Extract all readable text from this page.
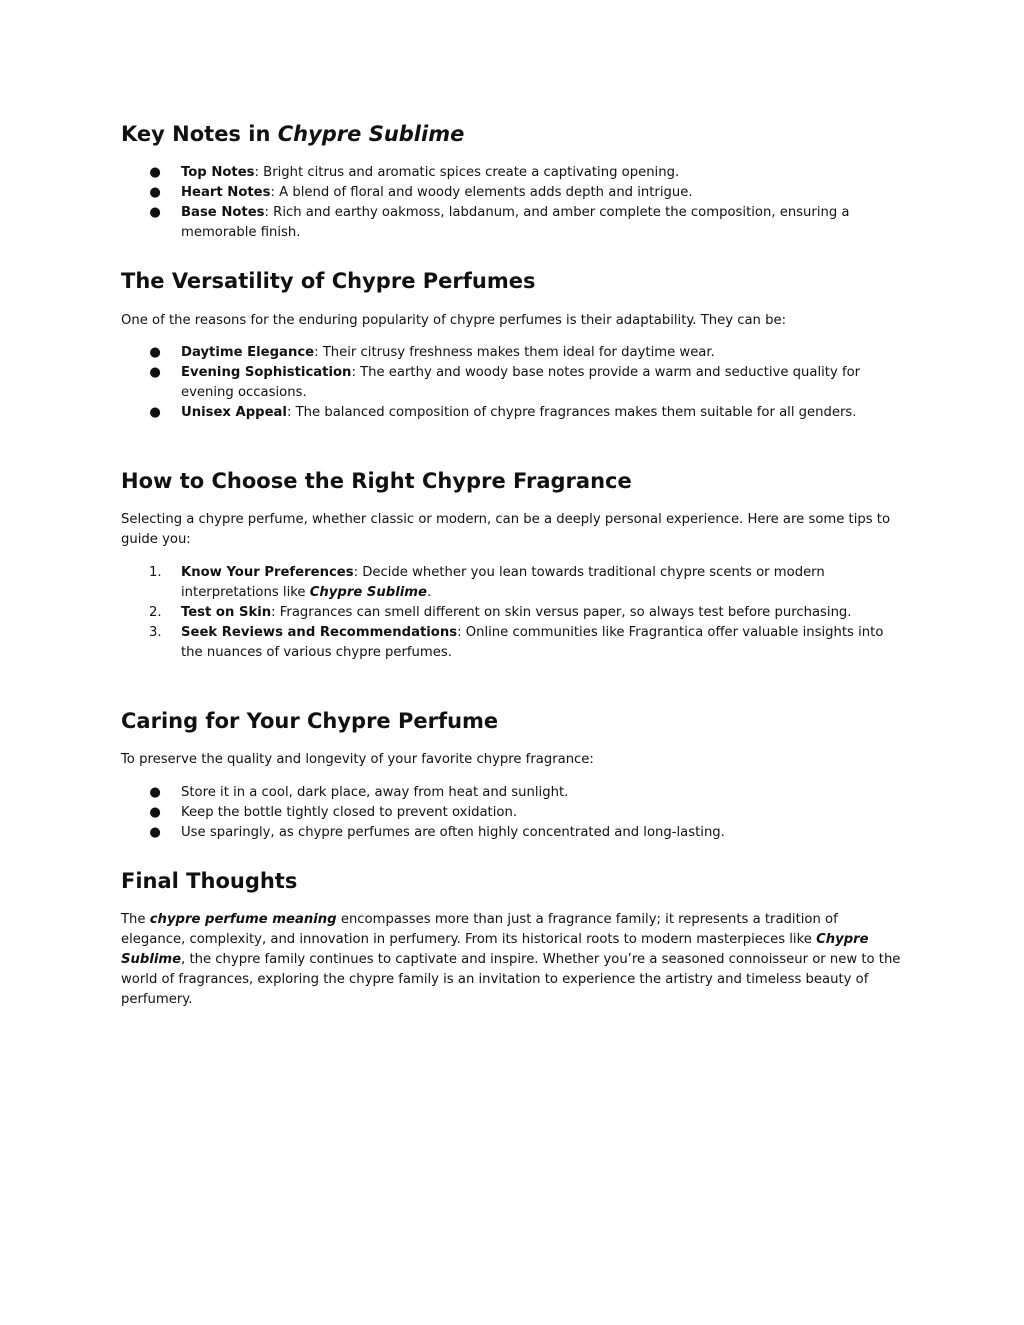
Key Notes in Chypre Sublime
●	Top Notes: Bright citrus and aromatic spices create a captivating opening.
●	Heart Notes: A blend of floral and woody elements adds depth and intrigue.
●	Base Notes: Rich and earthy oakmoss, labdanum, and amber complete the composition, ensuring a memorable finish.
The Versatility of Chypre Perfumes

One of the reasons for the enduring popularity of chypre perfumes is their adaptability. They can be:

●	Daytime Elegance: Their citrusy freshness makes them ideal for daytime wear.
●	Evening Sophistication: The earthy and woody base notes provide a warm and seductive quality for evening occasions.
●	Unisex Appeal: The balanced composition of chypre fragrances makes them suitable for all genders.
How to Choose the Right Chypre Fragrance

Selecting a chypre perfume, whether classic or modern, can be a deeply personal experience. Here are some tips to guide you:

1.	Know Your Preferences: Decide whether you lean towards traditional chypre scents or modern interpretations like Chypre Sublime.
2.	Test on Skin: Fragrances can smell different on skin versus paper, so always test before purchasing.
3.	Seek Reviews and Recommendations: Online communities like Fragrantica offer valuable insights into the nuances of various chypre perfumes.
Caring for Your Chypre Perfume

To preserve the quality and longevity of your favorite chypre fragrance:

●	Store it in a cool, dark place, away from heat and sunlight.
●	Keep the bottle tightly closed to prevent oxidation.
●	Use sparingly, as chypre perfumes are often highly concentrated and long-lasting.
Final Thoughts

The chypre perfume meaning encompasses more than just a fragrance family; it represents a tradition of elegance, complexity, and innovation in perfumery. From its historical roots to modern masterpieces like Chypre Sublime, the chypre family continues to captivate and inspire. Whether you’re a seasoned connoisseur or new to the world of fragrances, exploring the chypre family is an invitation to experience the artistry and timeless beauty of perfumery.
